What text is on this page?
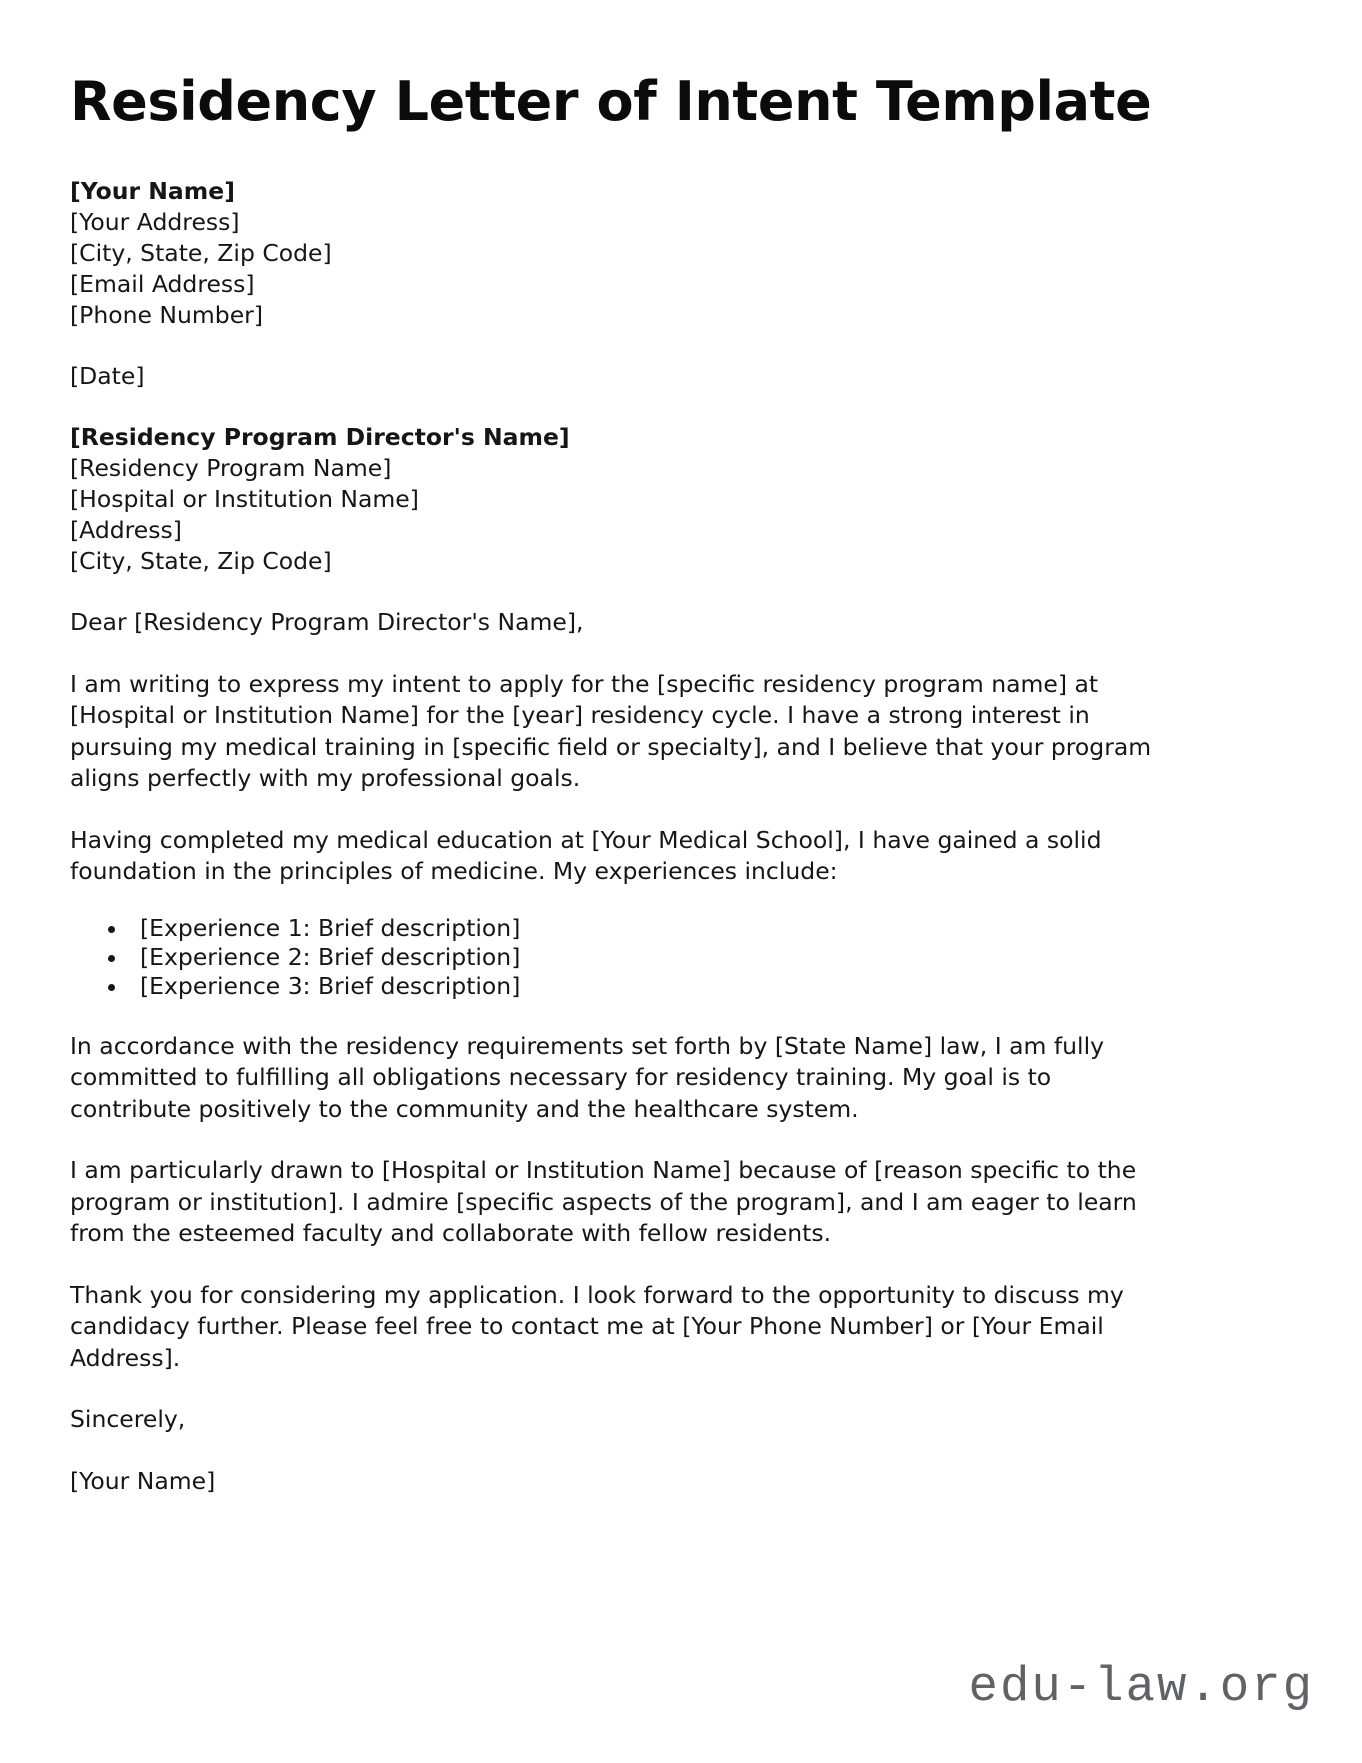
Residency Letter of Intent Template
[Your Name]
[Your Address]
[City, State, Zip Code]
[Email Address]
[Phone Number]
[Date]
[Residency Program Director's Name]
[Residency Program Name]
[Hospital or Institution Name]
[Address]
[City, State, Zip Code]

Dear [Residency Program Director's Name],

I am writing to express my intent to apply for the [specific residency program name] at [Hospital or Institution Name] for the [year] residency cycle. I have a strong interest in pursuing my medical training in [specific field or specialty], and I believe that your program aligns perfectly with my professional goals.

Having completed my medical education at [Your Medical School], I have gained a solid foundation in the principles of medicine. My experiences include:

[Experience 1: Brief description]
[Experience 2: Brief description]
[Experience 3: Brief description]

In accordance with the residency requirements set forth by [State Name] law, I am fully committed to fulfilling all obligations necessary for residency training. My goal is to contribute positively to the community and the healthcare system.

I am particularly drawn to [Hospital or Institution Name] because of [reason specific to the program or institution]. I admire [specific aspects of the program], and I am eager to learn from the esteemed faculty and collaborate with fellow residents.

Thank you for considering my application. I look forward to the opportunity to discuss my candidacy further. Please feel free to contact me at [Your Phone Number] or [Your Email Address].

Sincerely,

[Your Name]

edu-law.org
